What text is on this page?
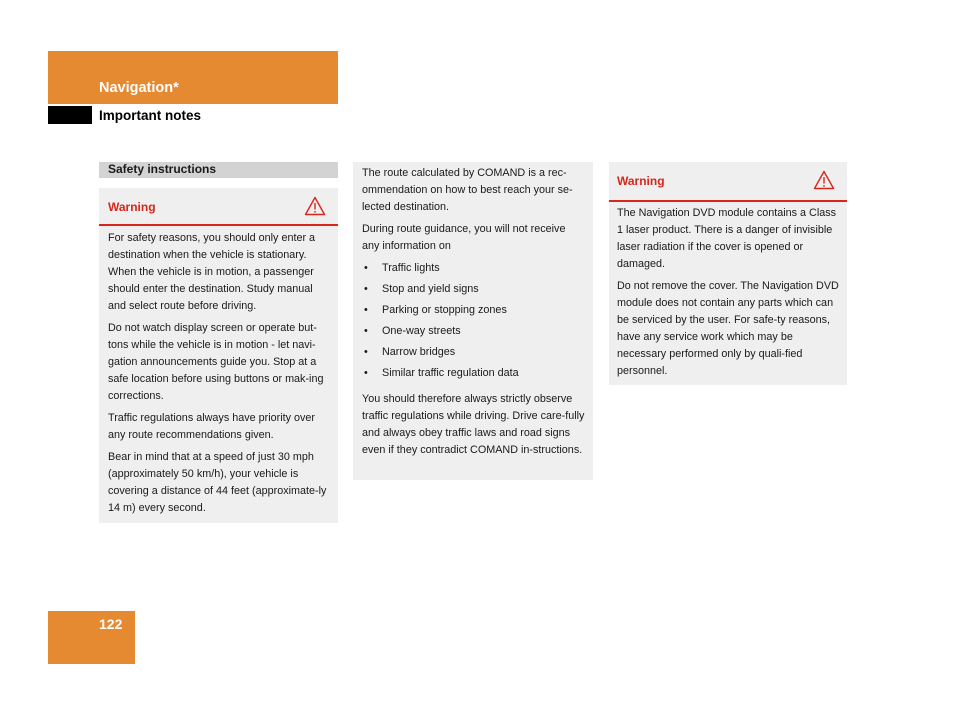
Navigation*
Important notes
Safety instructions
Warning

For safety reasons, you should only enter a destination when the vehicle is stationary. When the vehicle is in motion, a passenger should enter the destination. Study manual and select route before driving.

Do not watch display screen or operate but-tons while the vehicle is in motion - let navi-gation announcements guide you. Stop at a safe location before using buttons or mak-ing corrections.

Traffic regulations always have priority over any route recommendations given.

Bear in mind that at a speed of just 30 mph (approximately 50 km/h), your vehicle is covering a distance of 44 feet (approximate-ly 14 m) every second.

The route calculated by COMAND is a rec-ommendation on how to best reach your se-lected destination.

During route guidance, you will not receive any information on

• Traffic lights
• Stop and yield signs
• Parking or stopping zones
• One-way streets
• Narrow bridges
• Similar traffic regulation data

You should therefore always strictly observe traffic regulations while driving. Drive care-fully and always obey traffic laws and road signs even if they contradict COMAND in-structions.

Warning

The Navigation DVD module contains a Class 1 laser product. There is a danger of invisible laser radiation if the cover is opened or damaged.

Do not remove the cover. The Navigation DVD module does not contain any parts which can be serviced by the user. For safe-ty reasons, have any service work which may be necessary performed only by quali-fied personnel.

122
